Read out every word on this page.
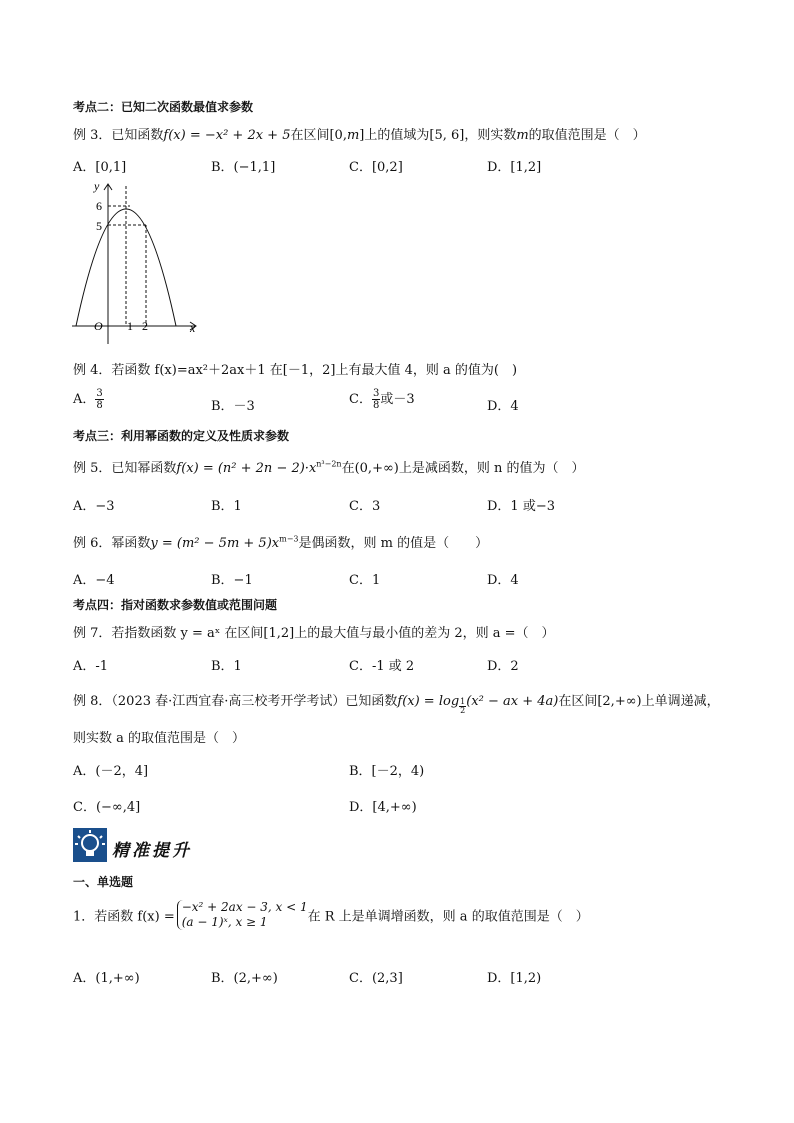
考点二：已知二次函数最值求参数
例 3．已知函数f(x) = −x² + 2x + 5在区间[0,m]上的值域为[5, 6]，则实数m的取值范围是（　）
A．[0,1]	B．(−1,1]	C．[0,2]	D．[1,2]
y
x
O
6
5
1 2
例 4．若函数 f(x)=ax²＋2ax＋1 在[－1，2]上有最大值 4，则 a 的值为(　)
A． $\frac{3}{8}$	B．－3	C． $\frac{3}{8}$ 或－3	D．4
考点三：利用幂函数的定义及性质求参数
例 5．已知幂函数$f(x) = (n^2 + 2n - 2)\cdot x^{n^3-2n}$在(0,+∞)上是减函数，则 n 的值为（　）
A．−3	B．1	C．3	D．1 或−3
例 6．幂函数$y = (m^2 - 5m + 5)x^{m-3}$是偶函数，则 m 的值是（　　）
A．−4	B．−1	C．1	D．4
考点四：指对函数求参数值或范围问题
例 7．若指数函数 y = aˣ 在区间[1,2]上的最大值与最小值的差为 2，则 a =（　）
A．-1	B．1	C．-1 或 2	D．2
例 8．（2023 春·江西宜春·高三校考开学考试）已知函数$f(x) = \log \frac{1}{2} (x^2$ − ax + 4a)在区间[2,+∞)上单调递减，
则实数 a 的取值范围是（　）
A．(－2，4]	B．[－2，4)
C．(−∞,4]	D．[4,+∞)
精准提升
一、单选题
1．若函数 f(x) =
−x² + 2ax − 3, x < 1
(a − 1)ˣ, x ≥ 1	在 R 上是单调增函数，则 a 的取值范围是（　）
A．(1,+∞)	B．(2,+∞)	C．(2,3]	D．[1,2)
